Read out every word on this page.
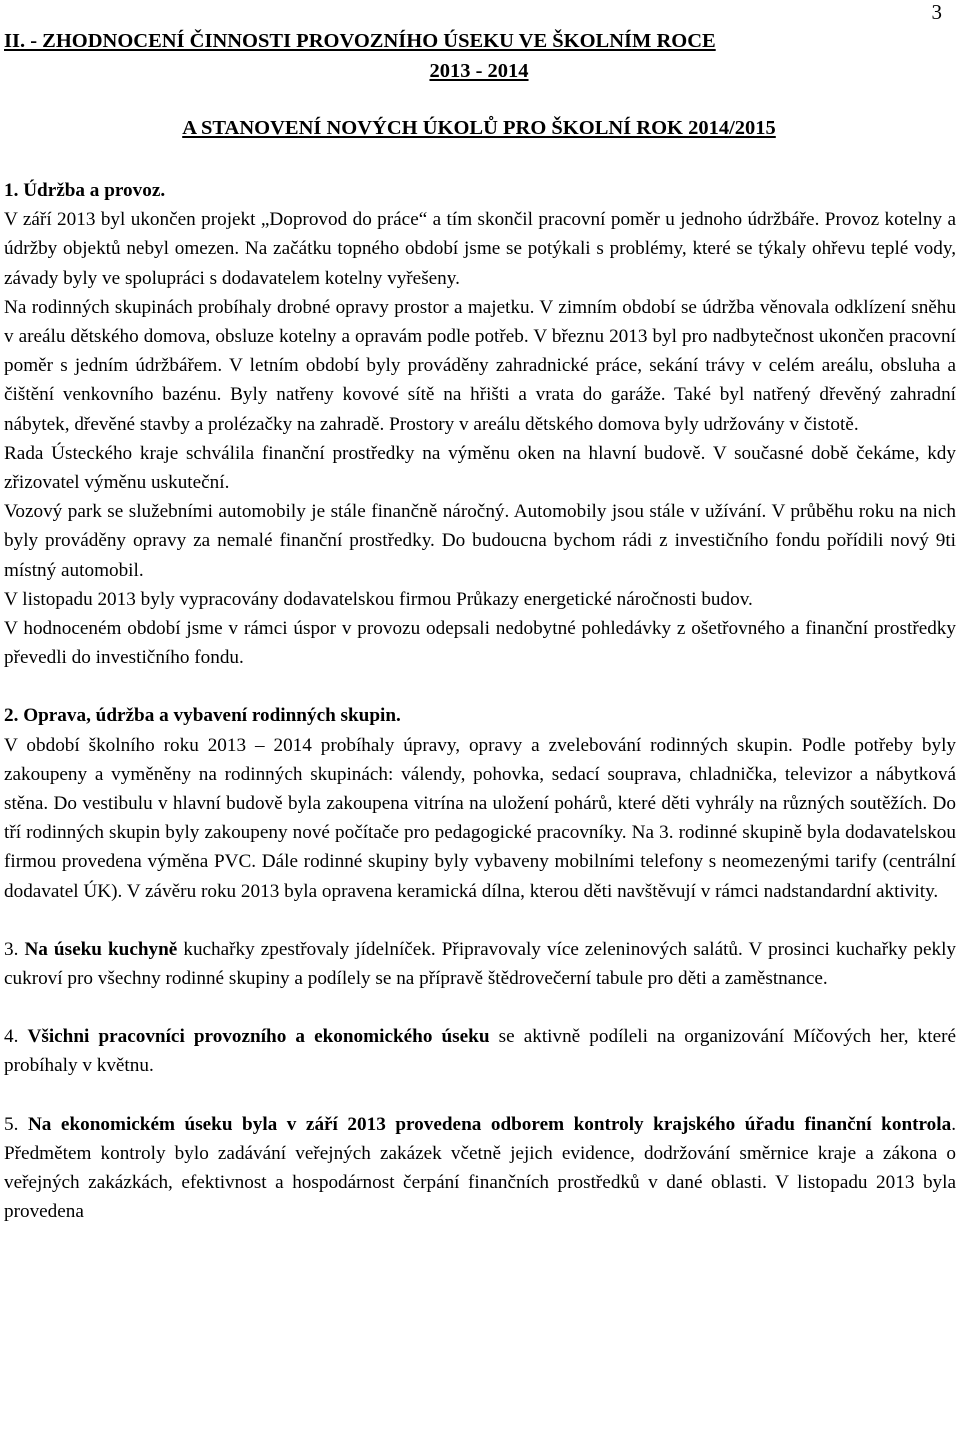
3
II. - ZHODNOCENÍ ČINNOSTI PROVOZNÍHO ÚSEKU VE ŠKOLNÍM ROCE
2013 - 2014
A STANOVENÍ NOVÝCH ÚKOLŮ PRO ŠKOLNÍ ROK 2014/2015

1. Údržba a provoz.

V září 2013 byl ukončen projekt „Doprovod do práce“ a tím skončil pracovní poměr u jednoho údržbáře. Provoz kotelny a údržby objektů nebyl omezen. Na začátku topného období jsme se potýkali s problémy, které se týkaly ohřevu teplé vody, závady byly ve spolupráci s dodavatelem kotelny vyřešeny.

Na rodinných skupinách probíhaly drobné opravy prostor a majetku. V zimním období se údržba věnovala odklízení sněhu v areálu dětského domova, obsluze kotelny a opravám podle potřeb. V březnu 2013 byl pro nadbytečnost ukončen pracovní poměr s jedním údržbářem. V letním období byly prováděny zahradnické práce, sekání trávy v celém areálu, obsluha a čištění venkovního bazénu. Byly natřeny kovové sítě na hřišti a vrata do garáže. Také byl natřený dřevěný zahradní nábytek, dřevěné stavby a prolézačky na zahradě. Prostory v areálu dětského domova byly udržovány v čistotě.

Rada Ústeckého kraje schválila finanční prostředky na výměnu oken na hlavní budově. V současné době čekáme, kdy zřizovatel výměnu uskuteční.

Vozový park se služebními automobily je stále finančně náročný. Automobily jsou stále v užívání. V průběhu roku na nich byly prováděny opravy za nemalé finanční prostředky. Do budoucna bychom rádi z investičního fondu pořídili nový 9ti místný automobil.

V listopadu 2013 byly vypracovány dodavatelskou firmou Průkazy energetické náročnosti budov.

V hodnoceném období jsme v rámci úspor v provozu odepsali nedobytné pohledávky z ošetřovného a finanční prostředky převedli do investičního fondu.

2. Oprava, údržba a vybavení rodinných skupin.

V období školního roku 2013 – 2014 probíhaly úpravy, opravy a zvelebování rodinných skupin. Podle potřeby byly zakoupeny a vyměněny na rodinných skupinách: válendy, pohovka, sedací souprava, chladnička, televizor a nábytková stěna. Do vestibulu v hlavní budově byla zakoupena vitrína na uložení pohárů, které děti vyhrály na různých soutěžích. Do tří rodinných skupin byly zakoupeny nové počítače pro pedagogické pracovníky. Na 3. rodinné skupině byla dodavatelskou firmou provedena výměna PVC. Dále rodinné skupiny byly vybaveny mobilními telefony s neomezenými tarify (centrální dodavatel ÚK). V závěru roku 2013 byla opravena keramická dílna, kterou děti navštěvují v rámci nadstandardní aktivity.

3. Na úseku kuchyně kuchařky zpestřovaly jídelníček. Připravovaly více zeleninových salátů. V prosinci kuchařky pekly cukroví pro všechny rodinné skupiny a podílely se na přípravě štědrovečerní tabule pro děti a zaměstnance.

4. Všichni pracovníci provozního a ekonomického úseku se aktivně podíleli na organizování Míčových her, které probíhaly v květnu.

5. Na ekonomickém úseku byla v září 2013 provedena odborem kontroly krajského úřadu finanční kontrola. Předmětem kontroly bylo zadávání veřejných zakázek včetně jejich evidence, dodržování směrnice kraje a zákona o veřejných zakázkách, efektivnost a hospodárnost čerpání finančních prostředků v dané oblasti. V listopadu 2013 byla provedena
